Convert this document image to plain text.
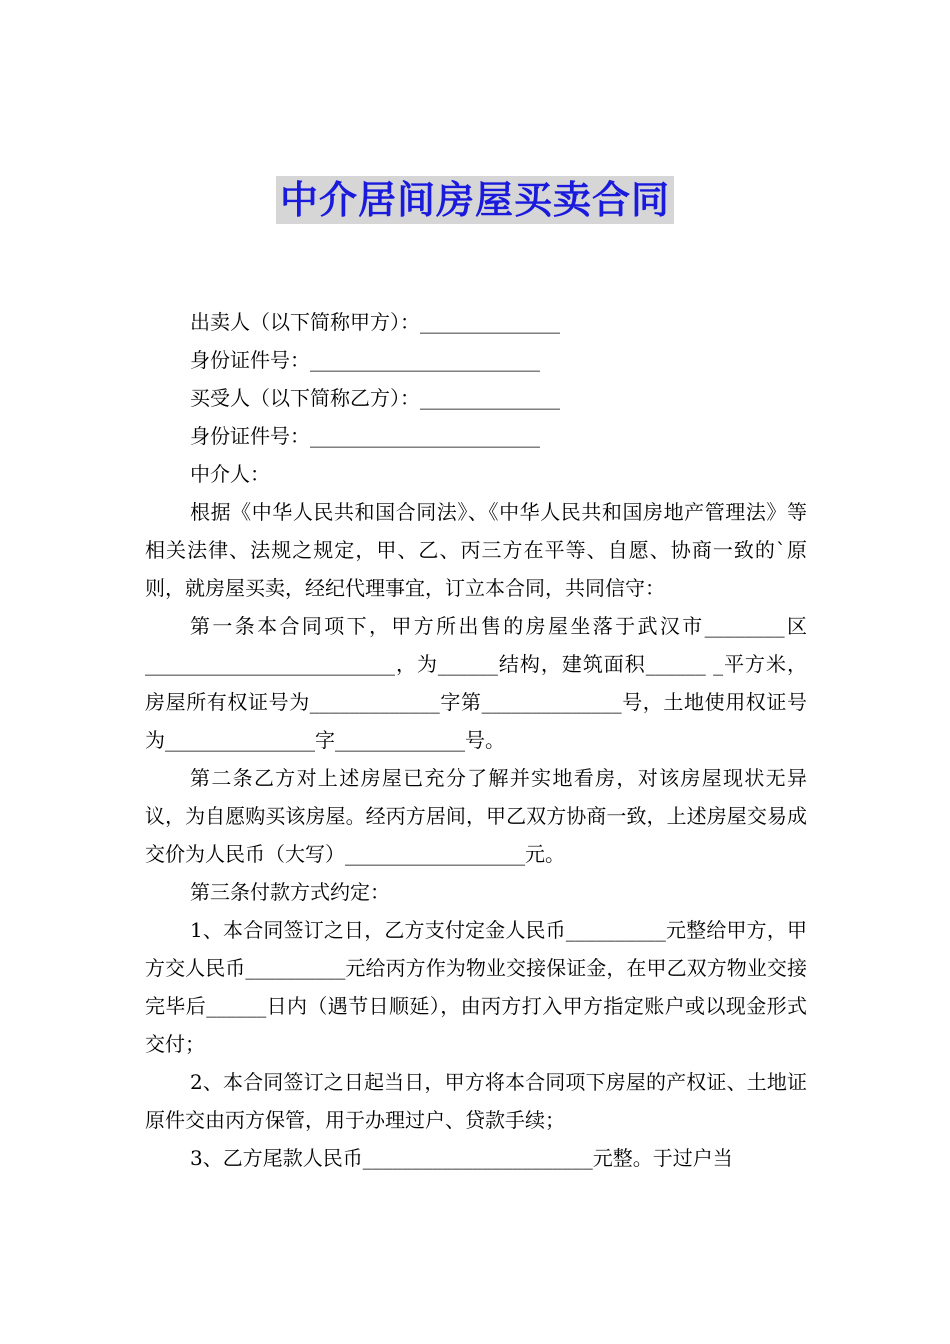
中介居间房屋买卖合同

出卖人（以下简称甲方）：______________

身份证件号：_______________________

买受人（以下简称乙方）：______________

身份证件号：_______________________

中介人：

根据《中华人民共和国合同法》、《中华人民共和国房地产管理法》等相关法律、法规之规定，甲、乙、丙三方在平等、自愿、协商一致的`原则，就房屋买卖，经纪代理事宜，订立本合同，共同信守：

第一条本合同项下，甲方所出售的房屋坐落于武汉市________区_________________________，为______结构，建筑面积______ _平方米，房屋所有权证号为_____________字第______________号，土地使用权证号为_______________字_____________号。

第二条乙方对上述房屋已充分了解并实地看房，对该房屋现状无异议，为自愿购买该房屋。经丙方居间，甲乙双方协商一致，上述房屋交易成交价为人民币（大写）__________________元。

第三条付款方式约定：

1、本合同签订之日，乙方支付定金人民币__________元整给甲方，甲方交人民币__________元给丙方作为物业交接保证金，在甲乙双方物业交接完毕后______日内（遇节日顺延），由丙方打入甲方指定账户或以现金形式交付；

2、本合同签订之日起当日，甲方将本合同项下房屋的产权证、土地证原件交由丙方保管，用于办理过户、贷款手续；

3、乙方尾款人民币_______________________元整。于过户当
